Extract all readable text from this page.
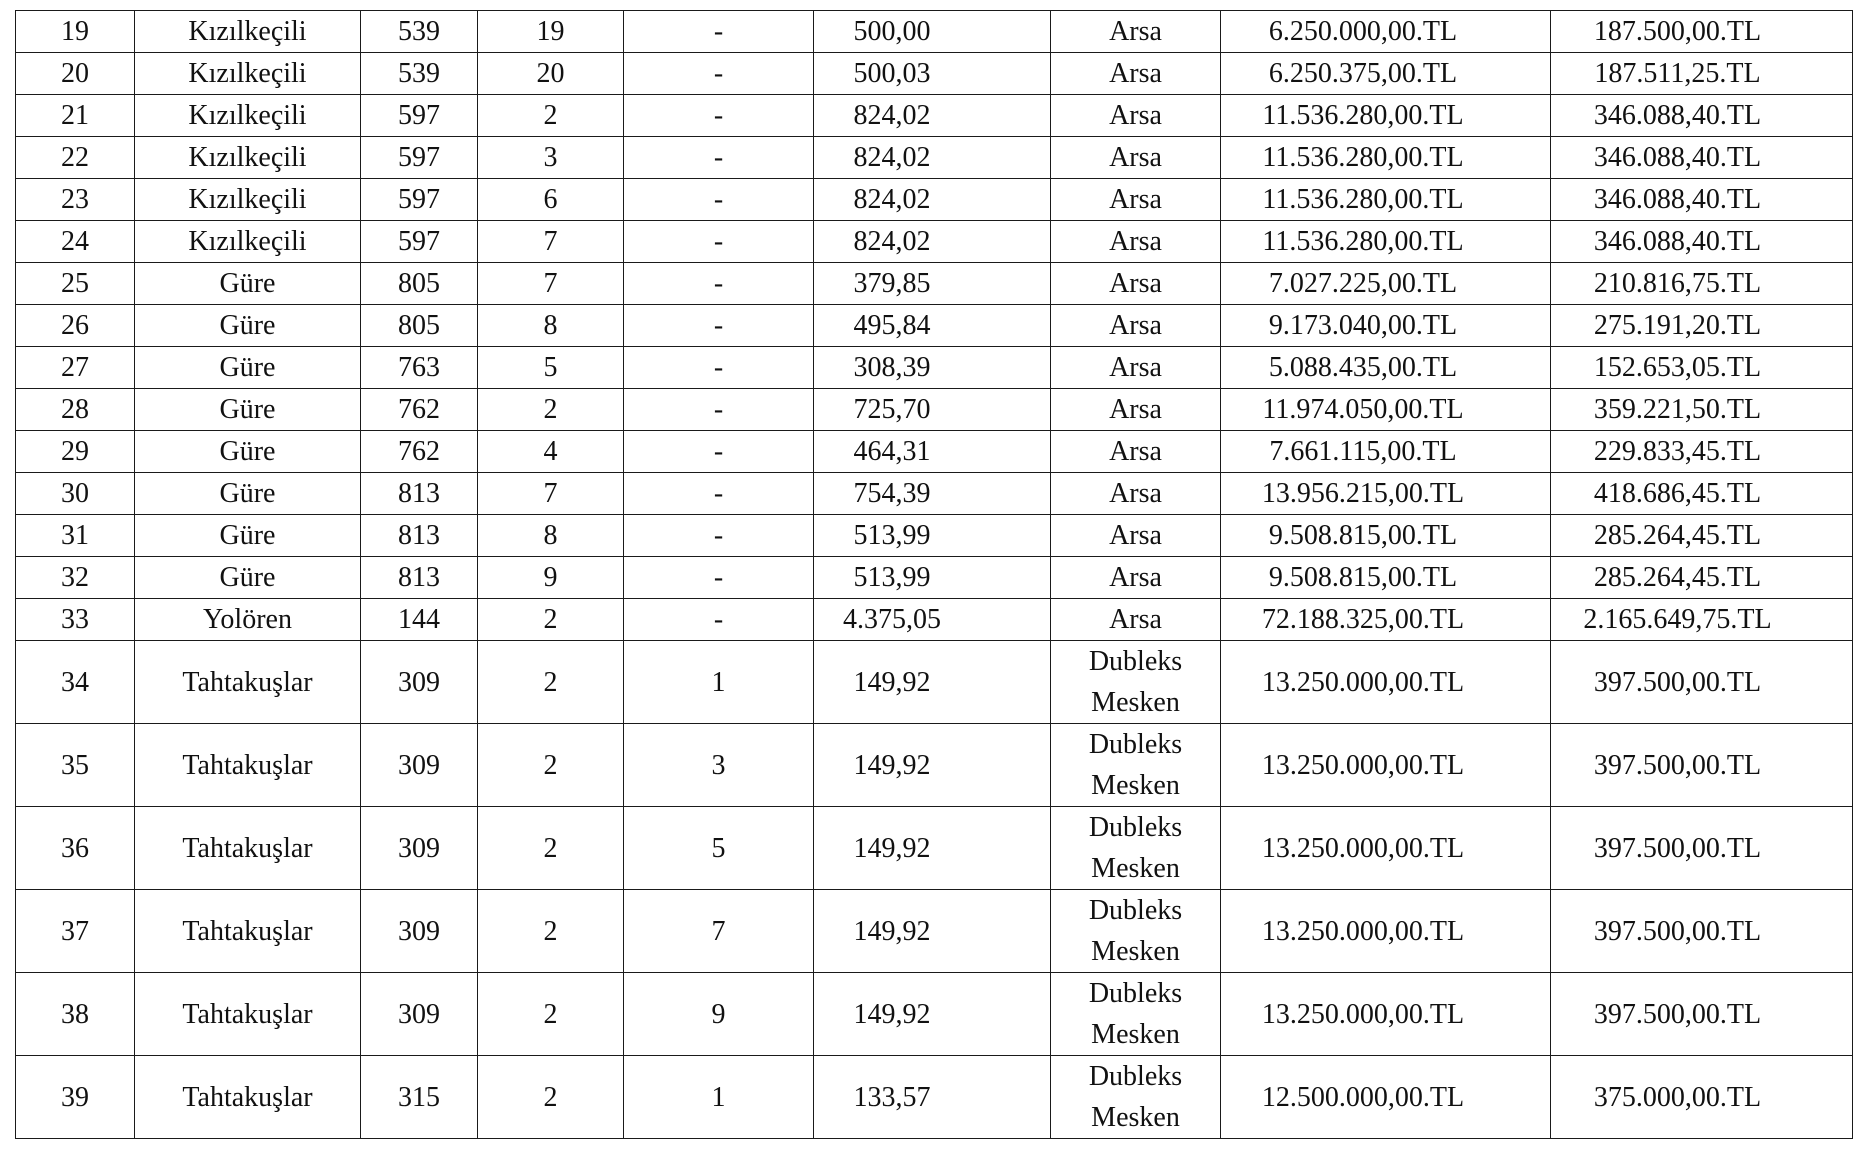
19	Kızılkeçili	539	19	-	500,00	Arsa	6.250.000,00.TL	187.500,00.TL
20	Kızılkeçili	539	20	-	500,03	Arsa	6.250.375,00.TL	187.511,25.TL
21	Kızılkeçili	597	2	-	824,02	Arsa	11.536.280,00.TL	346.088,40.TL
22	Kızılkeçili	597	3	-	824,02	Arsa	11.536.280,00.TL	346.088,40.TL
23	Kızılkeçili	597	6	-	824,02	Arsa	11.536.280,00.TL	346.088,40.TL
24	Kızılkeçili	597	7	-	824,02	Arsa	11.536.280,00.TL	346.088,40.TL
25	Güre	805	7	-	379,85	Arsa	7.027.225,00.TL	210.816,75.TL
26	Güre	805	8	-	495,84	Arsa	9.173.040,00.TL	275.191,20.TL
27	Güre	763	5	-	308,39	Arsa	5.088.435,00.TL	152.653,05.TL
28	Güre	762	2	-	725,70	Arsa	11.974.050,00.TL	359.221,50.TL
29	Güre	762	4	-	464,31	Arsa	7.661.115,00.TL	229.833,45.TL
30	Güre	813	7	-	754,39	Arsa	13.956.215,00.TL	418.686,45.TL
31	Güre	813	8	-	513,99	Arsa	9.508.815,00.TL	285.264,45.TL
32	Güre	813	9	-	513,99	Arsa	9.508.815,00.TL	285.264,45.TL
33	Yolören	144	2	-	4.375,05	Arsa	72.188.325,00.TL	2.165.649,75.TL
34	Tahtakuşlar	309	2	1	149,92	Dubleks
Mesken	13.250.000,00.TL	397.500,00.TL
35	Tahtakuşlar	309	2	3	149,92	Dubleks
Mesken	13.250.000,00.TL	397.500,00.TL
36	Tahtakuşlar	309	2	5	149,92	Dubleks
Mesken	13.250.000,00.TL	397.500,00.TL
37	Tahtakuşlar	309	2	7	149,92	Dubleks
Mesken	13.250.000,00.TL	397.500,00.TL
38	Tahtakuşlar	309	2	9	149,92	Dubleks
Mesken	13.250.000,00.TL	397.500,00.TL
39	Tahtakuşlar	315	2	1	133,57	Dubleks
Mesken	12.500.000,00.TL	375.000,00.TL
